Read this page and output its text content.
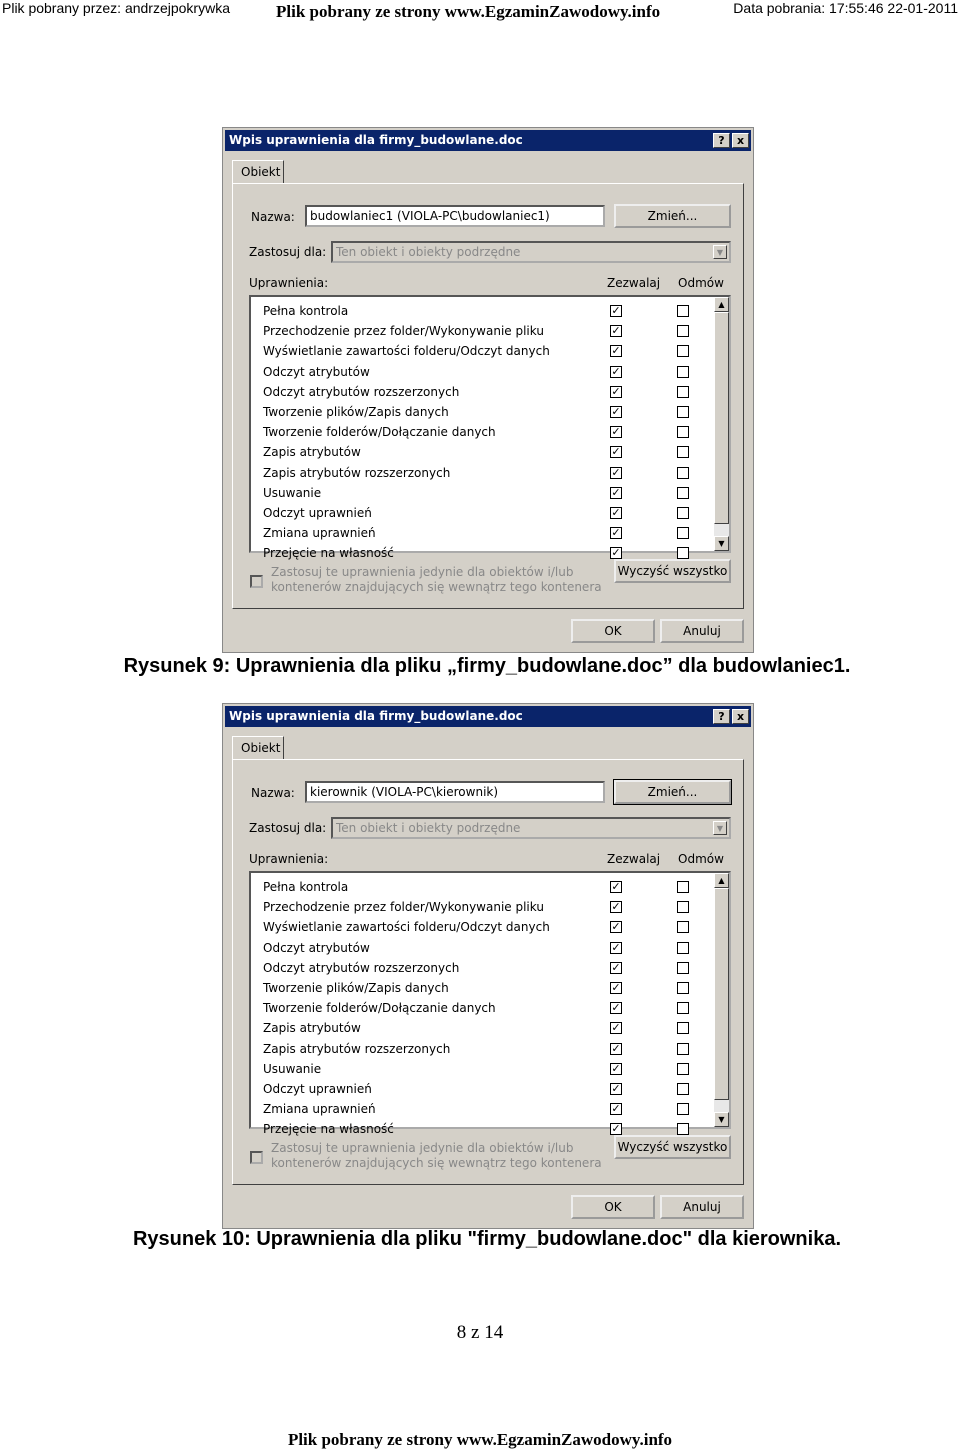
Plik pobrany przez: andrzejpokrywka	Plik pobrany ze strony www.EgzaminZawodowy.info	Data pobrania: 17:55:46 22-01-2011
Wpis uprawnienia dla firmy_budowlane.doc	?	x
Obiekt
Nazwa:	budowlaniec1 (VIOLA-PC\budowlaniec1)	Zmień...
Zastosuj dla: Ten obiekt i obiekty podrzędne	▼
Uprawnienia:	Zezwalaj Odmów
Pełna kontrola	✓
Przechodzenie przez folder/Wykonywanie pliku	✓
Wyświetlanie zawartości folderu/Odczyt danych	✓
Odczyt atrybutów	✓
Odczyt atrybutów rozszerzonych	✓
Tworzenie plików/Zapis danych	✓
Tworzenie folderów/Dołączanie danych	✓
Zapis atrybutów	✓
Zapis atrybutów rozszerzonych	✓
Usuwanie	✓
Odczyt uprawnień	✓
Zmiana uprawnień	✓
Przejęcie na własność	✓
▲
▼
Zastosuj te uprawnienia jedynie dla obiektów i/lub kontenerów znajdujących się wewnątrz tego kontenera
Wyczyść wszystko
OK	Anuluj
Rysunek 9: Uprawnienia dla pliku „firmy_budowlane.doc” dla budowlaniec1.
Wpis uprawnienia dla firmy_budowlane.doc	?	x
Obiekt
Nazwa:	kierownik (VIOLA-PC\kierownik)	Zmień...
Zastosuj dla: Ten obiekt i obiekty podrzędne	▼
Uprawnienia:	Zezwalaj Odmów
Pełna kontrola	✓
Przechodzenie przez folder/Wykonywanie pliku	✓
Wyświetlanie zawartości folderu/Odczyt danych	✓
Odczyt atrybutów	✓
Odczyt atrybutów rozszerzonych	✓
Tworzenie plików/Zapis danych	✓
Tworzenie folderów/Dołączanie danych	✓
Zapis atrybutów	✓
Zapis atrybutów rozszerzonych	✓
Usuwanie	✓
Odczyt uprawnień	✓
Zmiana uprawnień	✓
Przejęcie na własność	✓
▲
▼
Zastosuj te uprawnienia jedynie dla obiektów i/lub kontenerów znajdujących się wewnątrz tego kontenera
Wyczyść wszystko
OK	Anuluj
Rysunek 10: Uprawnienia dla pliku "firmy_budowlane.doc" dla kierownika.
8 z 14
Plik pobrany ze strony www.EgzaminZawodowy.info
